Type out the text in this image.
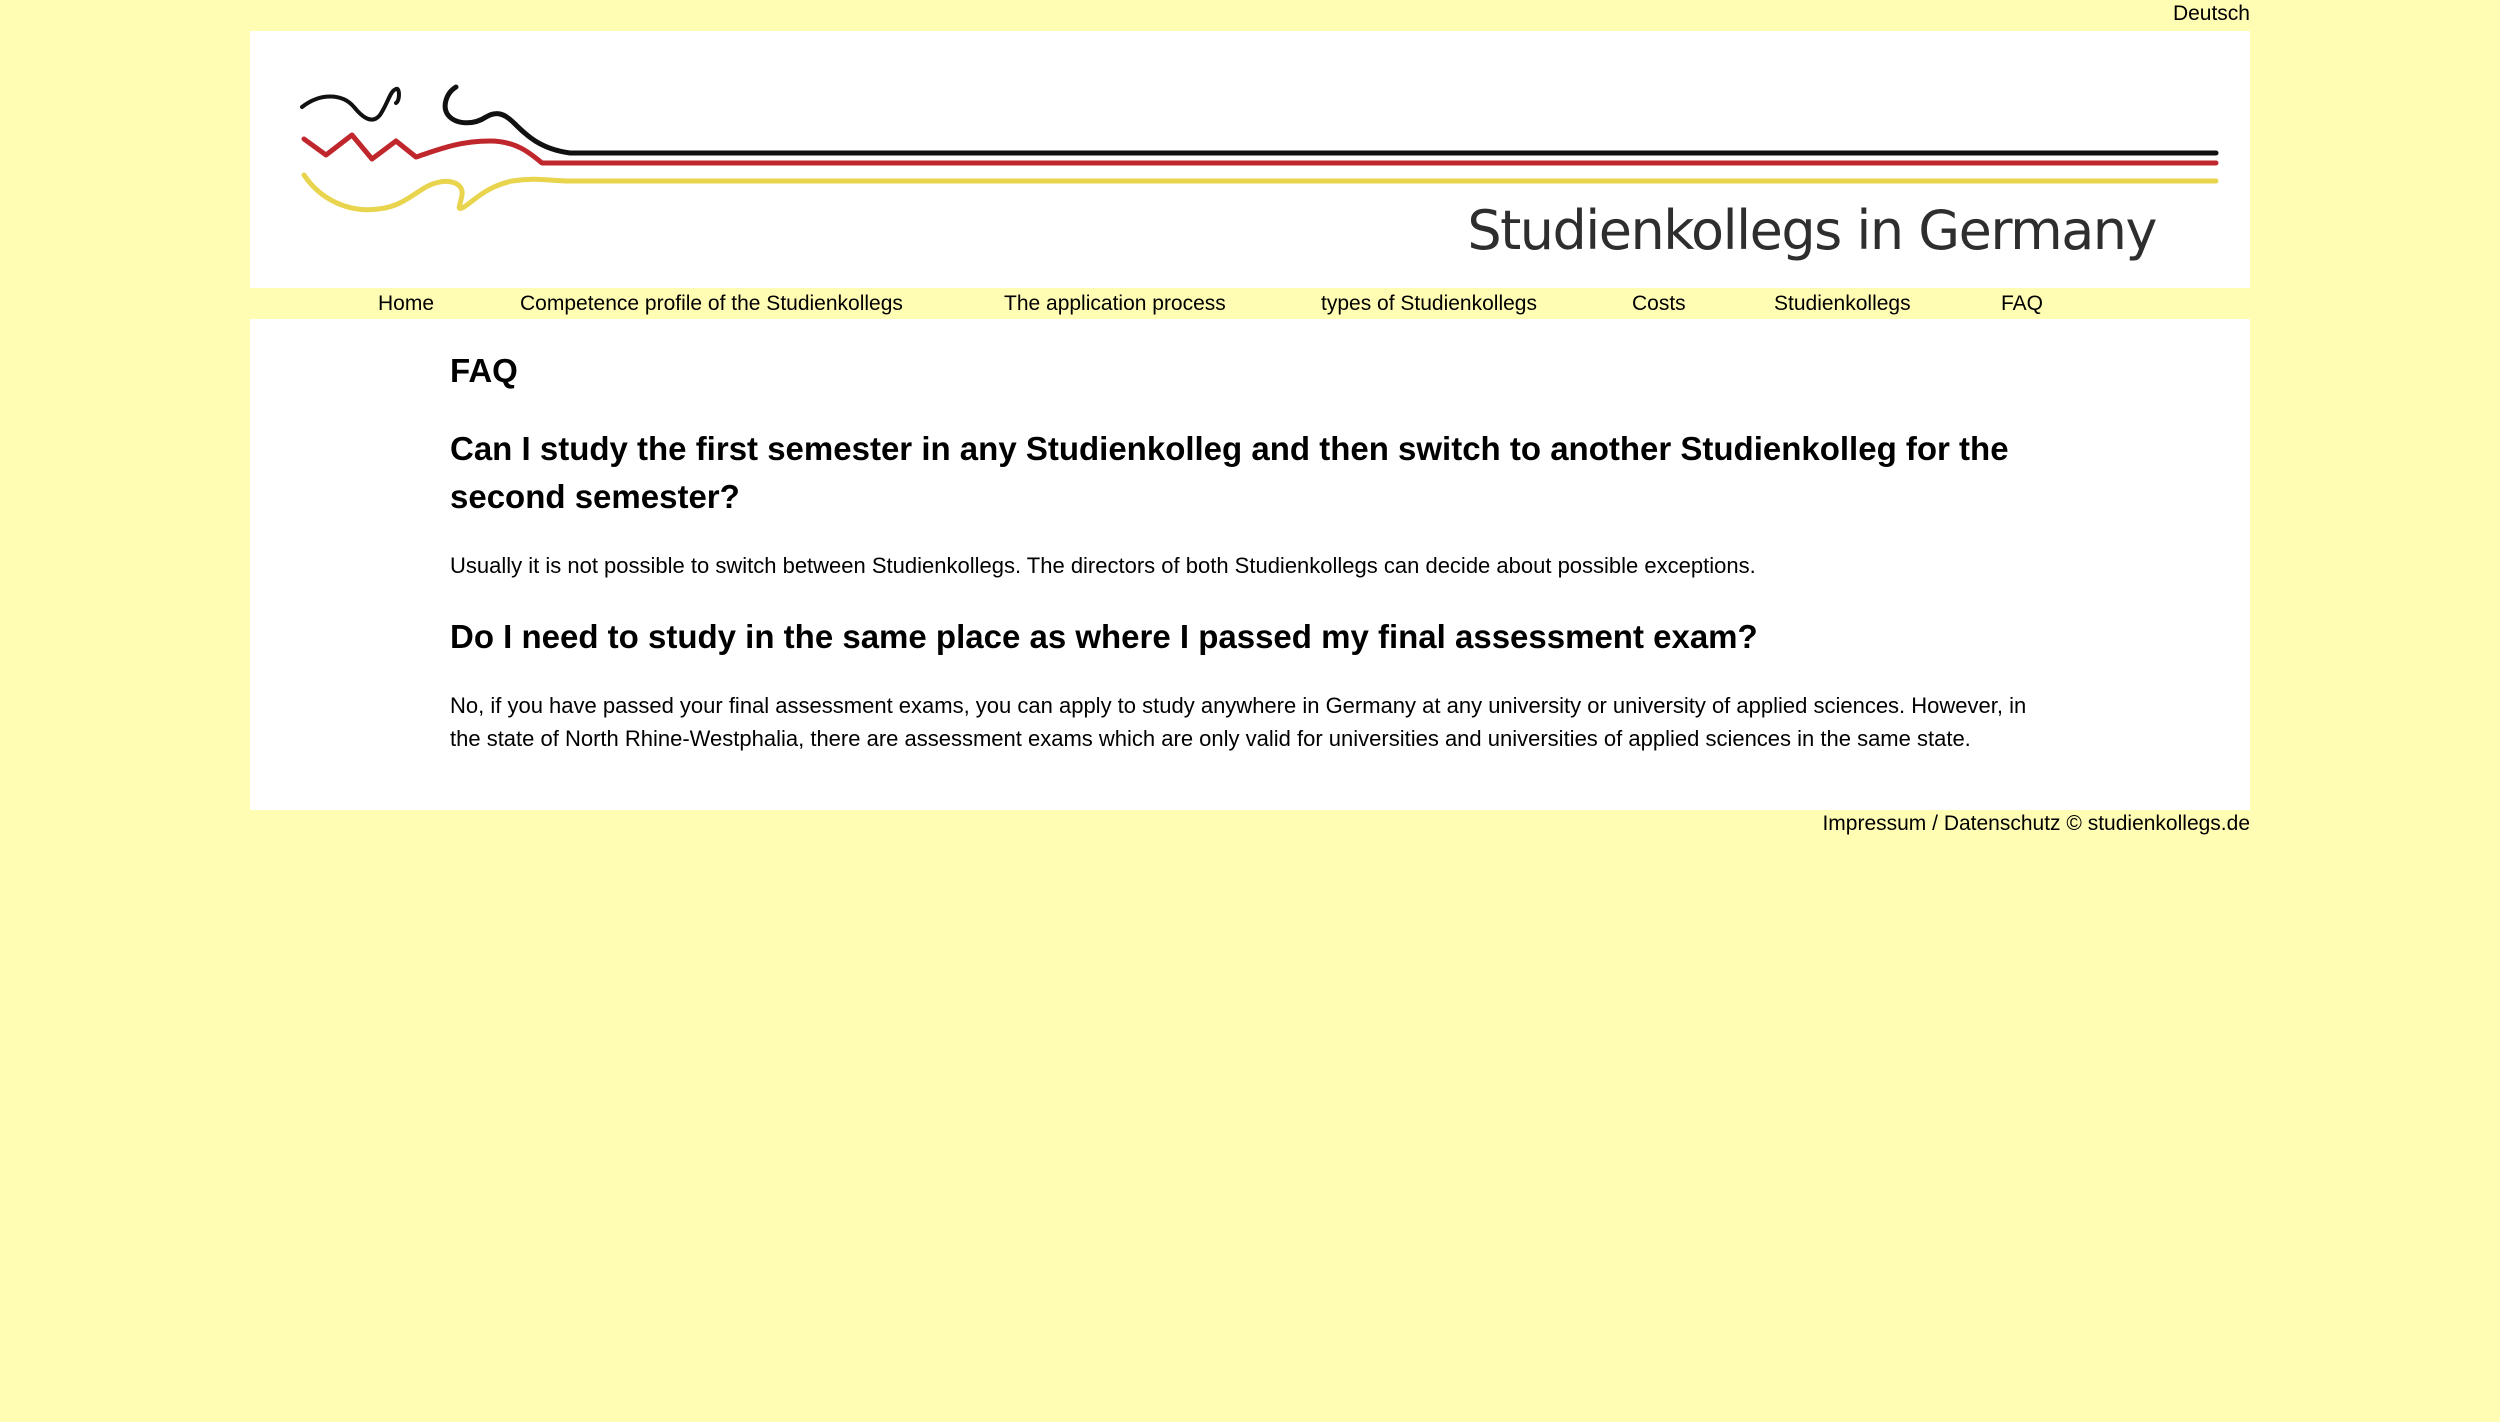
Deutsch
Studienkollegs in Germany
Home	Competence profile of the Studienkollegs	The application process	types of Studienkollegs	Costs	Studienkollegs	FAQ
FAQ
Can I study the first semester in any Studienkolleg and then switch to another Studienkolleg for the second semester?

Usually it is not possible to switch between Studienkollegs. The directors of both Studienkollegs can decide about possible exceptions.

Do I need to study in the same place as where I passed my final assessment exam?

No, if you have passed your final assessment exams, you can apply to study anywhere in Germany at any university or university of applied sciences. However, in the state of North Rhine-Westphalia, there are assessment exams which are only valid for universities and universities of applied sciences in the same state.

Impressum / Datenschutz © studienkollegs.de
